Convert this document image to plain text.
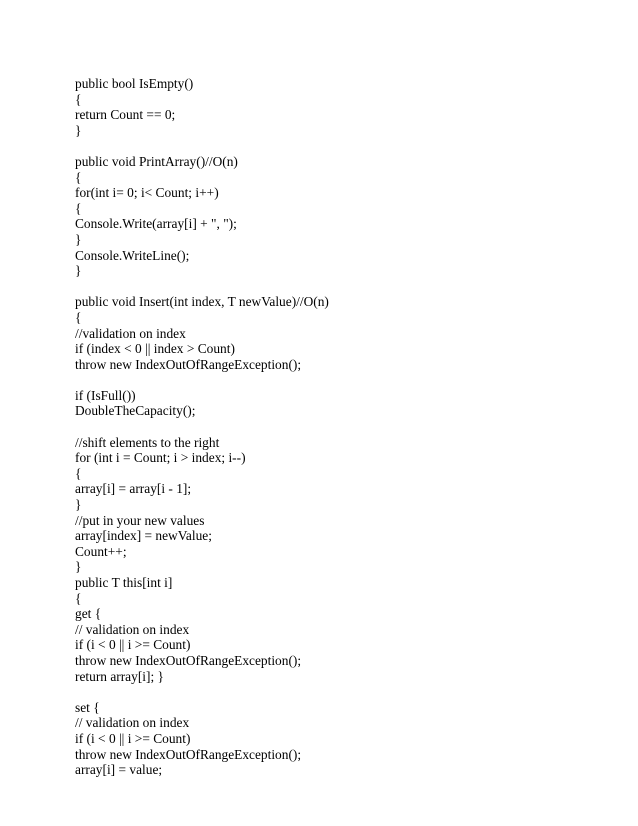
public bool IsEmpty()
{
return Count == 0;
}
public void PrintArray()//O(n)
{
for(int i= 0; i< Count; i++)
{
Console.Write(array[i] + ", ");
}
Console.WriteLine();
}
public void Insert(int index, T newValue)//O(n)
{
//validation on index
if (index < 0 || index > Count)
throw new IndexOutOfRangeException();
if (IsFull())
DoubleTheCapacity();
//shift elements to the right
for (int i = Count; i > index; i--)
{
array[i] = array[i - 1];
}
//put in your new values
array[index] = newValue;
Count++;
}
public T this[int i]
{
get {
// validation on index
if (i < 0 || i >= Count)
throw new IndexOutOfRangeException();
return array[i]; }
set {
// validation on index
if (i < 0 || i >= Count)
throw new IndexOutOfRangeException();
array[i] = value;
